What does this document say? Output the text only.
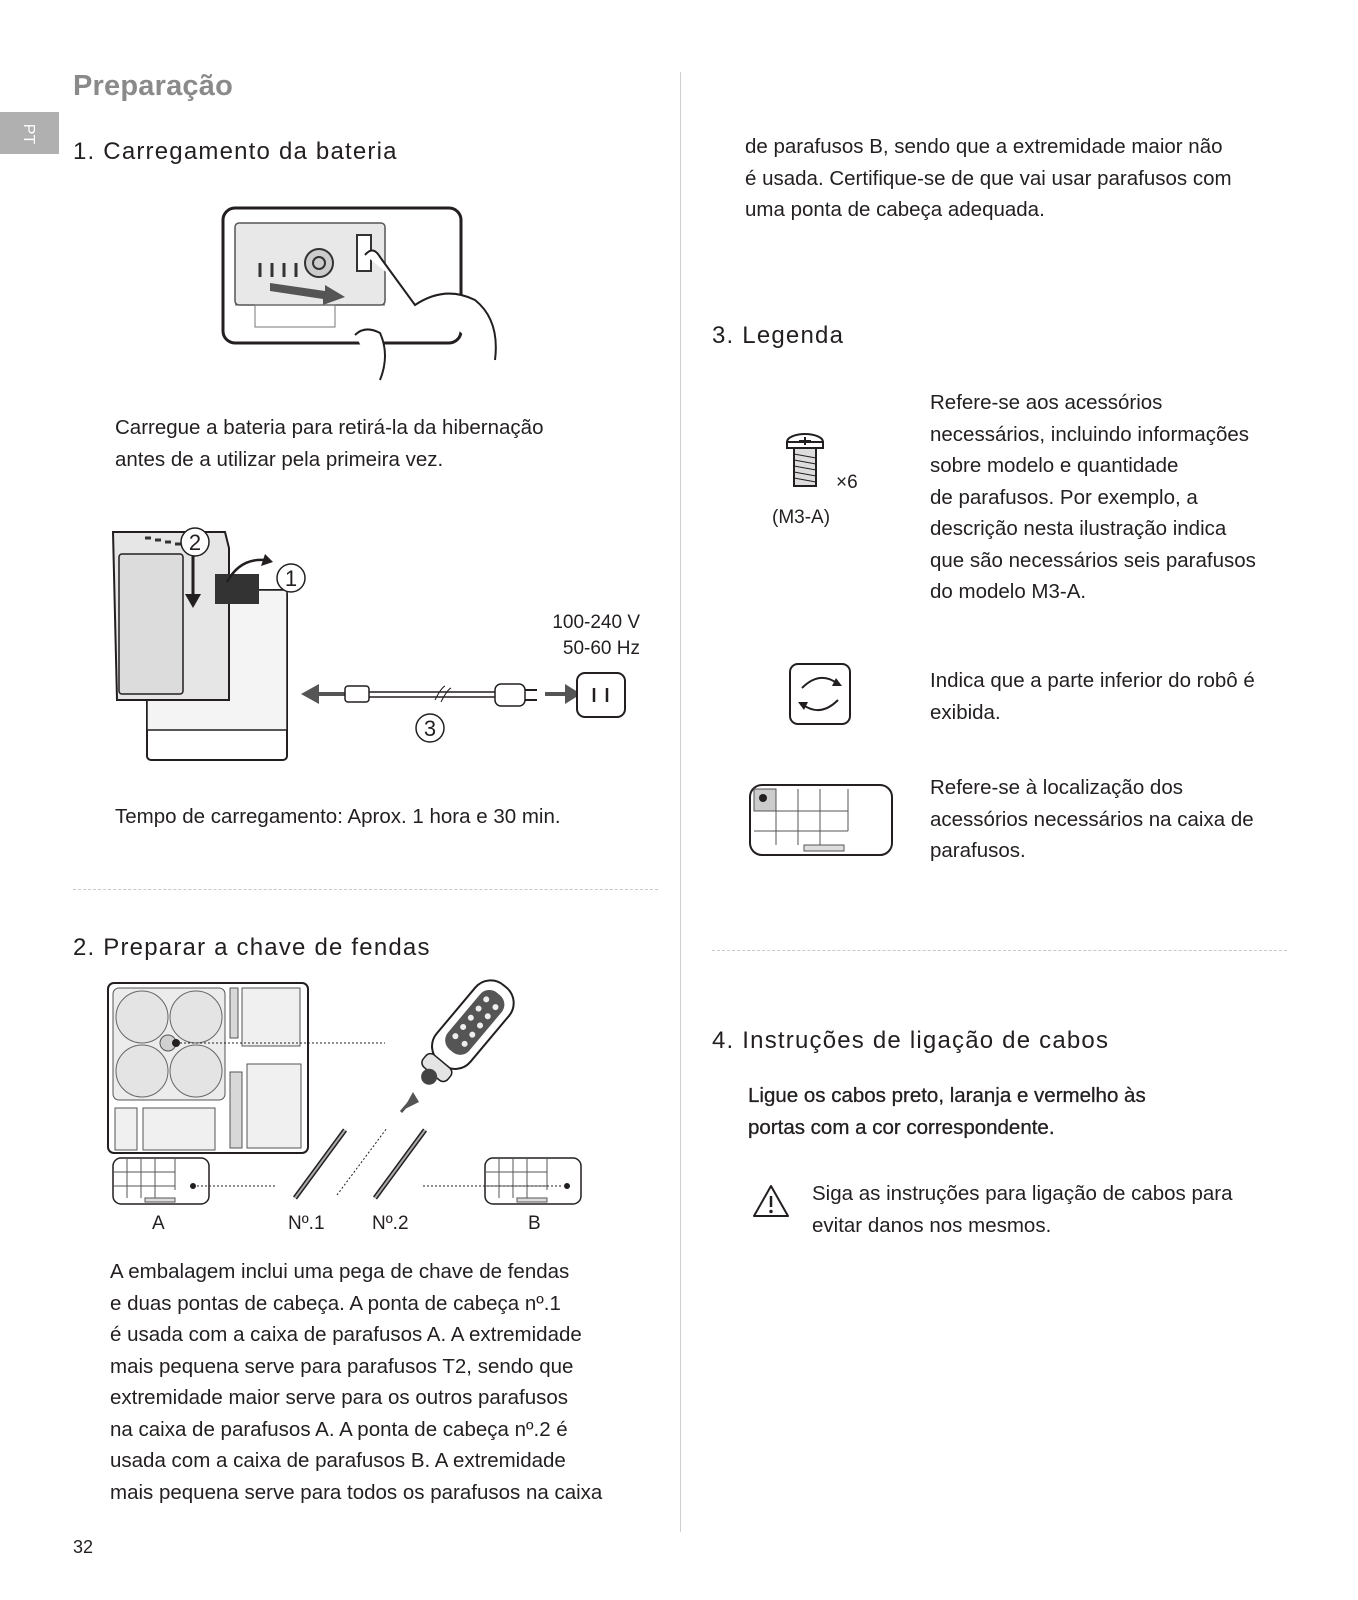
Preparação
PT
1. Carregamento da bateria
Carregue a bateria para retirá-la da hibernação
antes de a utilizar pela primeira vez.
2
1
3
100-240 V
50-60 Hz
Tempo de carregamento: Aprox. 1 hora e 30 min.
2. Preparar a chave de fendas
A	Nº.1 Nº.2	B
A embalagem inclui uma pega de chave de fendas
e duas pontas de cabeça. A ponta de cabeça nº.1
é usada com a caixa de parafusos A. A extremidade
mais pequena serve para parafusos T2, sendo que
extremidade maior serve para os outros parafusos
na caixa de parafusos A. A ponta de cabeça nº.2 é
usada com a caixa de parafusos B. A extremidade
mais pequena serve para todos os parafusos na caixa
32
de parafusos B, sendo que a extremidade maior não
é usada. Certifique-se de que vai usar parafusos com
uma ponta de cabeça adequada.
3. Legenda
×6
(M3-A)
Refere-se aos acessórios
necessários, incluindo informações
sobre modelo e quantidade
de parafusos. Por exemplo, a
descrição nesta ilustração indica
que são necessários seis parafusos
do modelo M3-A.
Indica que a parte inferior do robô é
exibida.
Refere-se à localização dos
acessórios necessários na caixa de
parafusos.
4. Instruções de ligação de cabos
Ligue os cabos preto, laranja e vermelho às
portas com a cor correspondente.
Siga as instruções para ligação de cabos para
evitar danos nos mesmos.
